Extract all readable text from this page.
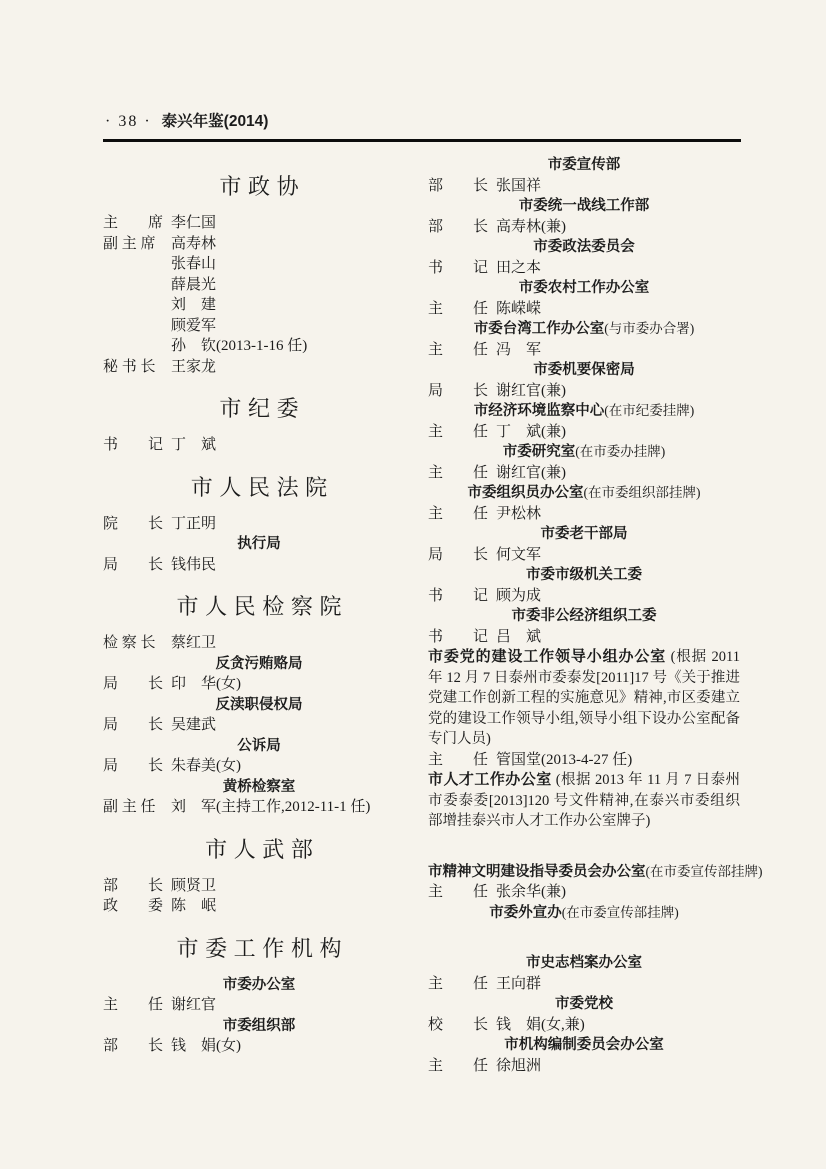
· 38 · 泰兴年鉴(2014)
市政协
主　　席 李仁国
副 主 席	高寿林
张春山
薛晨光
刘　建
顾爱军
孙　钦(2013-1-16 任)
秘 书 长	王家龙
市纪委
书　　记 丁　斌
市人民法院
院　　长 丁正明
执行局
局　　长 钱伟民
市人民检察院
检 察 长	蔡红卫
反贪污贿赂局
局　　长 印　华(女)
反渎职侵权局
局　　长 吴建武
公诉局
局　　长 朱春美(女)
黄桥检察室
副 主 任	刘　军(主持工作,2012-11-1 任)
市人武部
部　　长 顾贤卫
政　　委 陈　岷
市委工作机构
市委办公室
主　　任 谢红官
市委组织部
部　　长 钱　娟(女)
市委宣传部
部　　长 张国祥
市委统一战线工作部
部　　长 高寿林(兼)
市委政法委员会
书　　记 田之本
市委农村工作办公室
主　　任 陈嵘嵘
市委台湾工作办公室(与市委办合署)
主　　任 冯　军
市委机要保密局
局　　长 谢红官(兼)
市经济环境监察中心(在市纪委挂牌)
主　　任 丁　斌(兼)
市委研究室(在市委办挂牌)
主　　任 谢红官(兼)
市委组织员办公室(在市委组织部挂牌)
主　　任 尹松林
市委老干部局
局　　长 何文军
市委市级机关工委
书　　记 顾为成
市委非公经济组织工委
书　　记 吕　斌
市委党的建设工作领导小组办公室 (根据 2011 年 12 月 7 日泰州市委泰发[2011]17 号《关于推进党建工作创新工程的实施意见》精神,市区委建立党的建设工作领导小组,领导小组下设办公室配备专门人员)
主　　任 管国堂(2013-4-27 任)
市人才工作办公室 (根据 2013 年 11 月 7 日泰州市委泰委[2013]120 号文件精神,在泰兴市委组织部增挂泰兴市人才工作办公室牌子)
市精神文明建设指导委员会办公室(在市委宣传部挂牌)
主　　任 张余华(兼)
市委外宣办(在市委宣传部挂牌)
市史志档案办公室
主　　任 王向群
市委党校
校　　长 钱　娟(女,兼)
市机构编制委员会办公室
主　　任 徐旭洲
